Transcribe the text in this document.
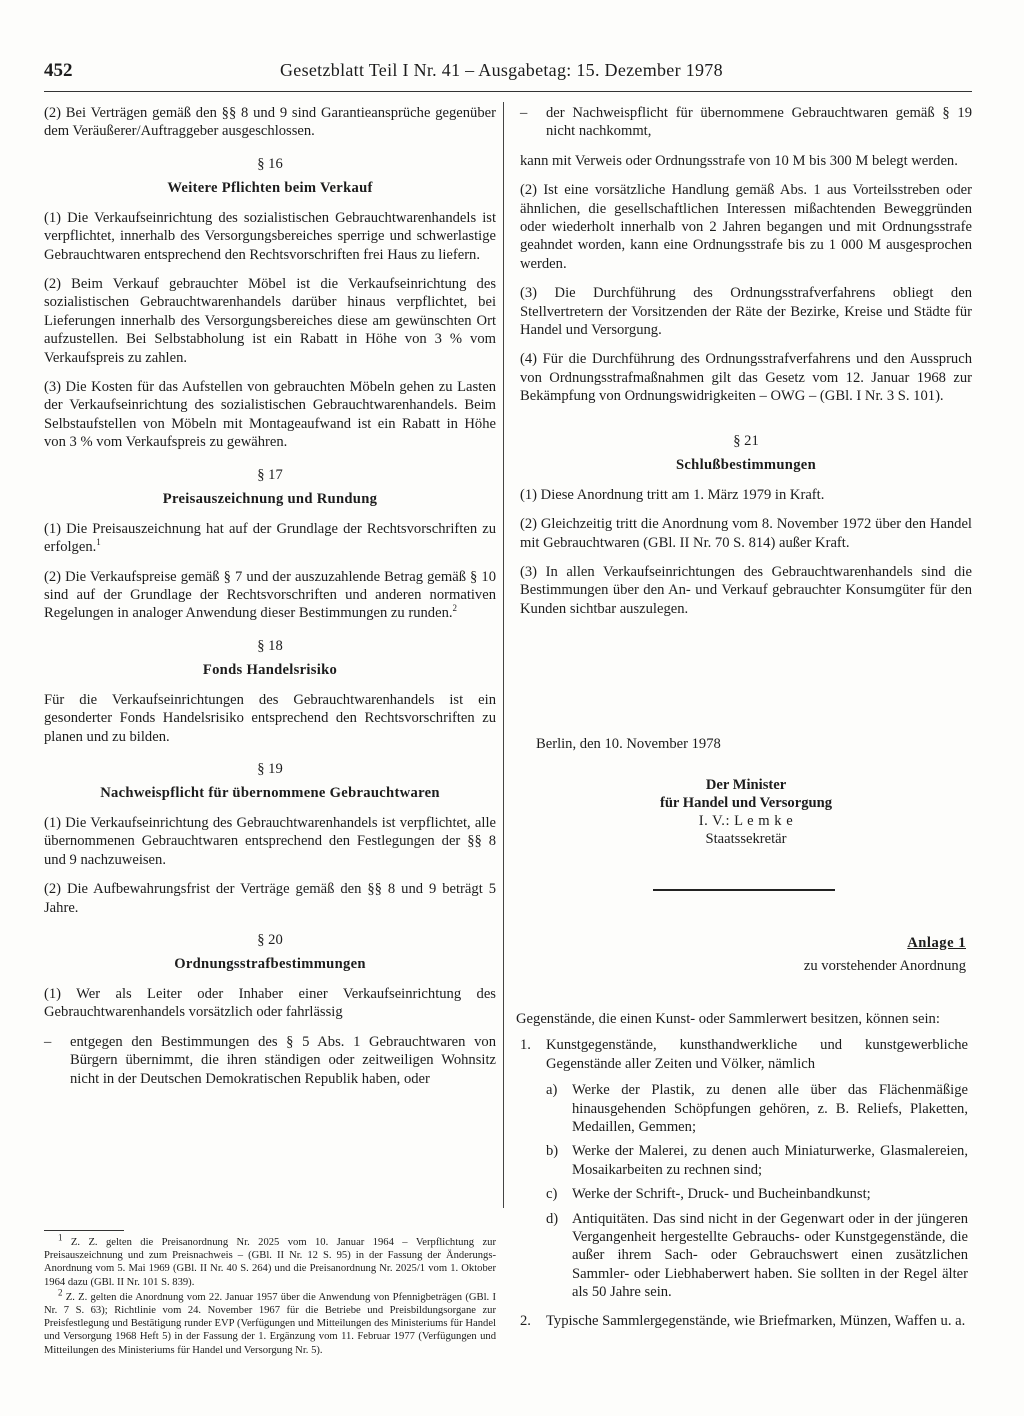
452	Gesetzblatt Teil I Nr. 41 – Ausgabetag: 15. Dezember 1978

(2) Bei Verträgen gemäß den §§ 8 und 9 sind Garantieansprüche gegenüber dem Veräußerer/Auftraggeber ausgeschlossen.

§ 16
Weitere Pflichten beim Verkauf

(1) Die Verkaufseinrichtung des sozialistischen Gebrauchtwarenhandels ist verpflichtet, innerhalb des Versorgungsbereiches sperrige und schwerlastige Gebrauchtwaren entsprechend den Rechtsvorschriften frei Haus zu liefern.

(2) Beim Verkauf gebrauchter Möbel ist die Verkaufseinrichtung des sozialistischen Gebrauchtwarenhandels darüber hinaus verpflichtet, bei Lieferungen innerhalb des Versorgungsbereiches diese am gewünschten Ort aufzustellen. Bei Selbstabholung ist ein Rabatt in Höhe von 3 % vom Verkaufspreis zu zahlen.

(3) Die Kosten für das Aufstellen von gebrauchten Möbeln gehen zu Lasten der Verkaufseinrichtung des sozialistischen Gebrauchtwarenhandels. Beim Selbstaufstellen von Möbeln mit Montageaufwand ist ein Rabatt in Höhe von 3 % vom Verkaufspreis zu gewähren.

§ 17
Preisauszeichnung und Rundung

(1) Die Preisauszeichnung hat auf der Grundlage der Rechtsvorschriften zu erfolgen.$^1$

(2) Die Verkaufspreise gemäß § 7 und der auszuzahlende Betrag gemäß § 10 sind auf der Grundlage der Rechtsvorschriften und anderen normativen Regelungen in analoger Anwendung dieser Bestimmungen zu runden.$^2$

§ 18
Fonds Handelsrisiko

Für die Verkaufseinrichtungen des Gebrauchtwarenhandels ist ein gesonderter Fonds Handelsrisiko entsprechend den Rechtsvorschriften zu planen und zu bilden.

§ 19
Nachweispflicht für übernommene Gebrauchtwaren

(1) Die Verkaufseinrichtung des Gebrauchtwarenhandels ist verpflichtet, alle übernommenen Gebrauchtwaren entsprechend den Festlegungen der §§ 8 und 9 nachzuweisen.

(2) Die Aufbewahrungsfrist der Verträge gemäß den §§ 8 und 9 beträgt 5 Jahre.

§ 20
Ordnungsstrafbestimmungen

(1) Wer als Leiter oder Inhaber einer Verkaufseinrichtung des Gebrauchtwarenhandels vorsätzlich oder fahrlässig

– entgegen den Bestimmungen des § 5 Abs. 1 Gebrauchtwaren von Bürgern übernimmt, die ihren ständigen oder zeitweiligen Wohnsitz nicht in der Deutschen Demokratischen Republik haben, oder

$^1$ Z. Z. gelten die Preisanordnung Nr. 2025 vom 10. Januar 1964 – Verpflichtung zur Preisauszeichnung und zum Preisnachweis – (GBl. II Nr. 12 S. 95) in der Fassung der Änderungs-Anordnung vom 5. Mai 1969 (GBl. II Nr. 40 S. 264) und die Preisanordnung Nr. 2025/1 vom 1. Oktober 1964 dazu (GBl. II Nr. 101 S. 839).

$^2$ Z. Z. gelten die Anordnung vom 22. Januar 1957 über die Anwendung von Pfennigbeträgen (GBl. I Nr. 7 S. 63); Richtlinie vom 24. November 1967 für die Betriebe und Preisbildungsorgane zur Preisfestlegung und Bestätigung runder EVP (Verfügungen und Mitteilungen des Ministeriums für Handel und Versorgung 1968 Heft 5) in der Fassung der 1. Ergänzung vom 11. Februar 1977 (Verfügungen und Mitteilungen des Ministeriums für Handel und Versorgung Nr. 5).

– der Nachweispflicht für übernommene Gebrauchtwaren gemäß § 19 nicht nachkommt,

kann mit Verweis oder Ordnungsstrafe von 10 M bis 300 M belegt werden.

(2) Ist eine vorsätzliche Handlung gemäß Abs. 1 aus Vorteilsstreben oder ähnlichen, die gesellschaftlichen Interessen mißachtenden Beweggründen oder wiederholt innerhalb von 2 Jahren begangen und mit Ordnungsstrafe geahndet worden, kann eine Ordnungsstrafe bis zu 1 000 M ausgesprochen werden.

(3) Die Durchführung des Ordnungsstrafverfahrens obliegt den Stellvertretern der Vorsitzenden der Räte der Bezirke, Kreise und Städte für Handel und Versorgung.

(4) Für die Durchführung des Ordnungsstrafverfahrens und den Ausspruch von Ordnungsstrafmaßnahmen gilt das Gesetz vom 12. Januar 1968 zur Bekämpfung von Ordnungswidrigkeiten – OWG – (GBl. I Nr. 3 S. 101).

§ 21
Schlußbestimmungen

(1) Diese Anordnung tritt am 1. März 1979 in Kraft.

(2) Gleichzeitig tritt die Anordnung vom 8. November 1972 über den Handel mit Gebrauchtwaren (GBl. II Nr. 70 S. 814) außer Kraft.

(3) In allen Verkaufseinrichtungen des Gebrauchtwarenhandels sind die Bestimmungen über den An- und Verkauf gebrauchter Konsumgüter für den Kunden sichtbar auszulegen.

Berlin, den 10. November 1978
Der Minister
für Handel und Versorgung
I. V.: L e m k e
Staatssekretär
Anlage 1
zu vorstehender Anordnung

Gegenstände, die einen Kunst- oder Sammlerwert besitzen, können sein:

1. Kunstgegenstände, kunsthandwerkliche und kunstgewerbliche Gegenstände aller Zeiten und Völker, nämlich
a) Werke der Plastik, zu denen alle über das Flächenmäßige hinausgehenden Schöpfungen gehören, z. B. Reliefs, Plaketten, Medaillen, Gemmen;
b) Werke der Malerei, zu denen auch Miniaturwerke, Glasmalereien, Mosaikarbeiten zu rechnen sind;
c) Werke der Schrift-, Druck- und Bucheinbandkunst;
d) Antiquitäten. Das sind nicht in der Gegenwart oder in der jüngeren Vergangenheit hergestellte Gebrauchs- oder Kunstgegenstände, die außer ihrem Sach- oder Gebrauchswert einen zusätzlichen Sammler- oder Liebhaberwert haben. Sie sollten in der Regel älter als 50 Jahre sein.
2. Typische Sammlergegenstände, wie Briefmarken, Münzen, Waffen u. a.
